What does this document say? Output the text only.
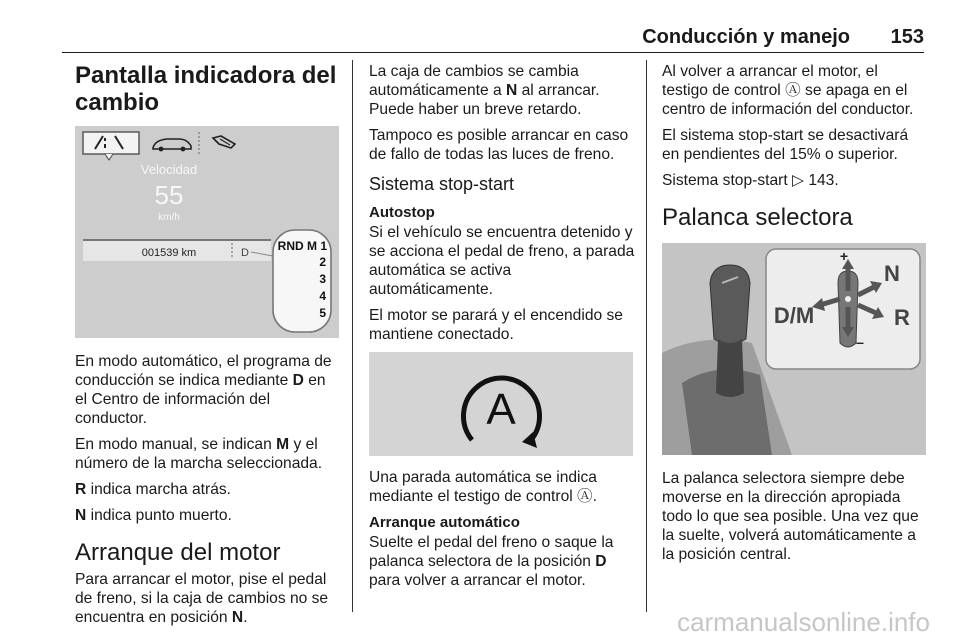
Conducción y manejo 153
Pantalla indicadora del cambio
Velocidad
55
km/h
001539 km	D RND M 1
2
3
4
5

En modo automático, el programa de conducción se indica mediante D en el Centro de información del conductor.

En modo manual, se indican M y el número de la marcha seleccionada.

R indica marcha atrás.

N indica punto muerto.

Arranque del motor

Para arrancar el motor, pise el pedal de freno, si la caja de cambios no se encuentra en posición N.

La caja de cambios se cambia automáticamente a N al arrancar. Puede haber un breve retardo.

Tampoco es posible arrancar en caso de fallo de todas las luces de freno.

Sistema stop-start
Autostop

Si el vehículo se encuentra detenido y se acciona el pedal de freno, a parada automática se activa automáticamente.

El motor se parará y el encendido se mantiene conectado.

A

Una parada automática se indica mediante el testigo de control Ⓐ.

Arranque automático

Suelte el pedal del freno o saque la palanca selectora de la posición D para volver a arrancar el motor.

Al volver a arrancar el motor, el testigo de control Ⓐ se apaga en el centro de información del conductor.

El sistema stop-start se desactivará en pendientes del 15% o superior.

Sistema stop-start ▷ 143.

Palanca selectora
+
–
D/M
N
R

La palanca selectora siempre debe moverse en la dirección apropiada todo lo que sea posible. Una vez que la suelte, volverá automáticamente a la posición central.

carmanualsonline.info
